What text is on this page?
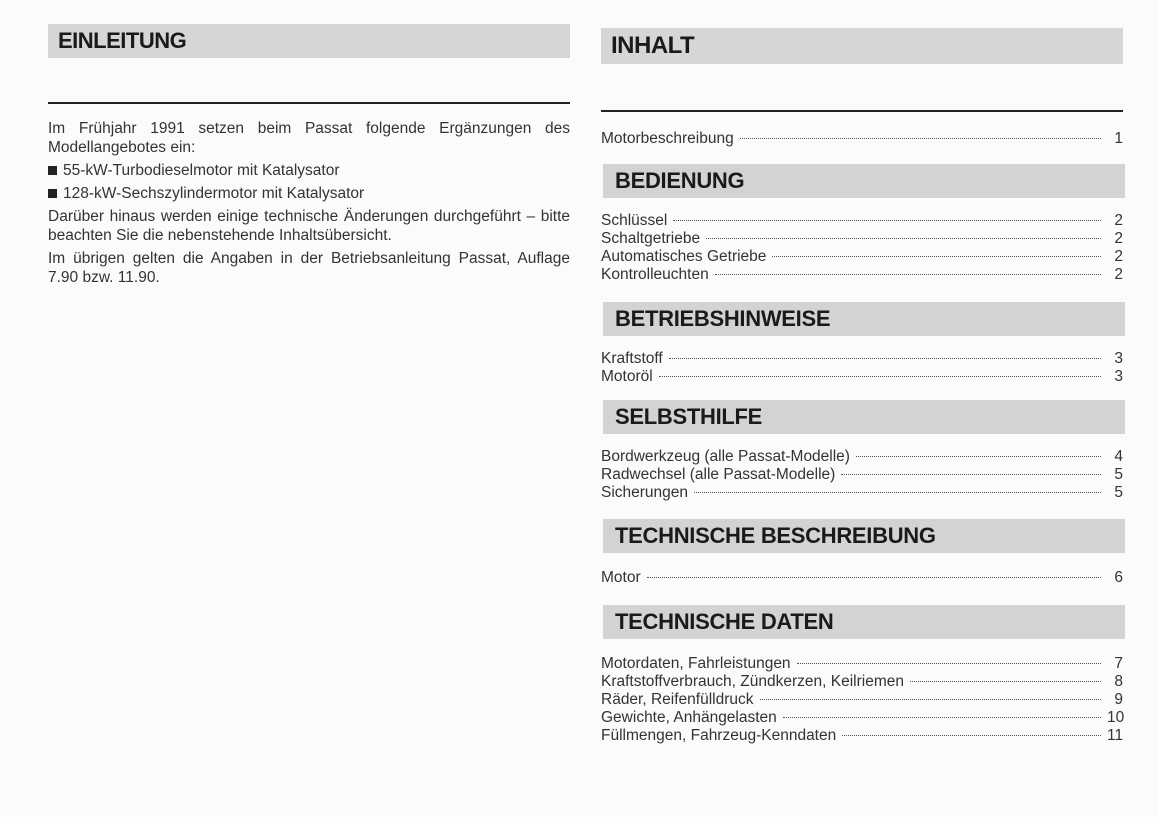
EINLEITUNG

Im Frühjahr 1991 setzen beim Passat folgende Ergänzungen des Modellangebotes ein:

55-kW-Turbodieselmotor mit Katalysator
128-kW-Sechszylindermotor mit Katalysator

Darüber hinaus werden einige technische Änderungen durchgeführt – bitte beachten Sie die nebenstehende Inhaltsübersicht.

Im übrigen gelten die Angaben in der Betriebsanleitung Passat, Auflage 7.90 bzw. 11.90.

INHALT
Motorbeschreibung	1
BEDIENUNG
Schlüssel	2
Schaltgetriebe	2
Automatisches Getriebe	2
Kontrolleuchten	2
BETRIEBSHINWEISE
Kraftstoff	3
Motoröl	3
SELBSTHILFE
Bordwerkzeug (alle Passat-Modelle)	4
Radwechsel (alle Passat-Modelle)	5
Sicherungen	5
TECHNISCHE BESCHREIBUNG
Motor	6
TECHNISCHE DATEN
Motordaten, Fahrleistungen	7
Kraftstoffverbrauch, Zündkerzen, Keilriemen	8
Räder, Reifenfülldruck	9
Gewichte, Anhängelasten	10
Füllmengen, Fahrzeug-Kenndaten	11
